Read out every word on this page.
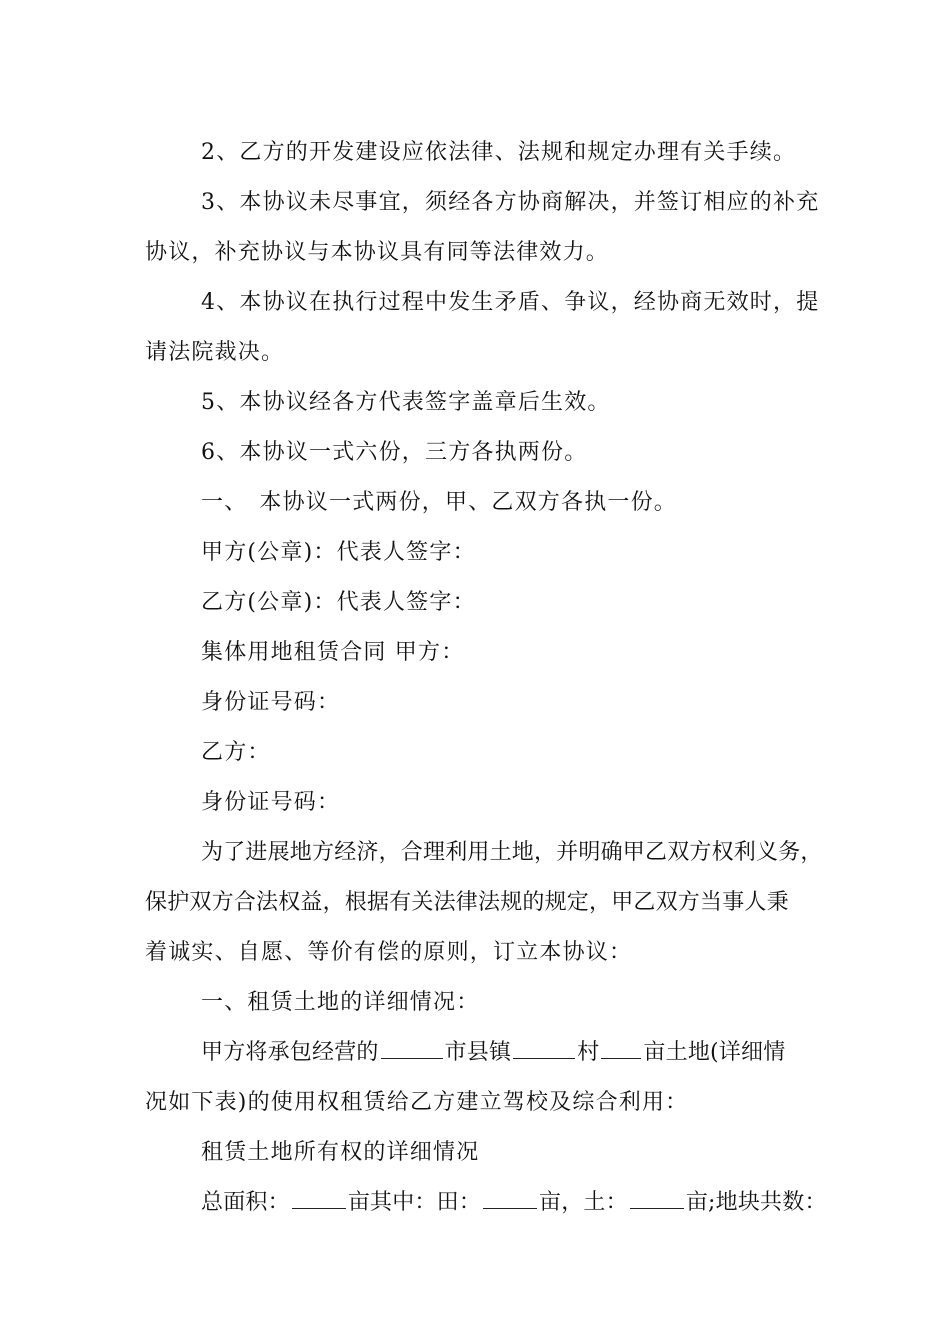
2、乙方的开发建设应依法律、法规和规定办理有关手续。

3、本协议未尽事宜，须经各方协商解决，并签订相应的补充

协议，补充协议与本协议具有同等法律效力。

4、本协议在执行过程中发生矛盾、争议，经协商无效时，提

请法院裁决。

5、本协议经各方代表签字盖章后生效。

6、本协议一式六份，三方各执两份。

一、 本协议一式两份，甲、乙双方各执一份。

甲方(公章)：代表人签字：

乙方(公章)：代表人签字：

集体用地租赁合同 甲方：

身份证号码：

乙方：

身份证号码：

为了进展地方经济，合理利用土地，并明确甲乙双方权利义务，

保护双方合法权益，根据有关法律法规的规定，甲乙双方当事人秉

着诚实、自愿、等价有偿的原则，订立本协议：

一、租赁土地的详细情况：

甲方将承包经营的	市县镇	村 亩土地(详细情

况如下表)的使用权租赁给乙方建立驾校及综合利用：

租赁土地所有权的详细情况

总面积：	亩其中：田：	亩，土：	亩;地块共数：
